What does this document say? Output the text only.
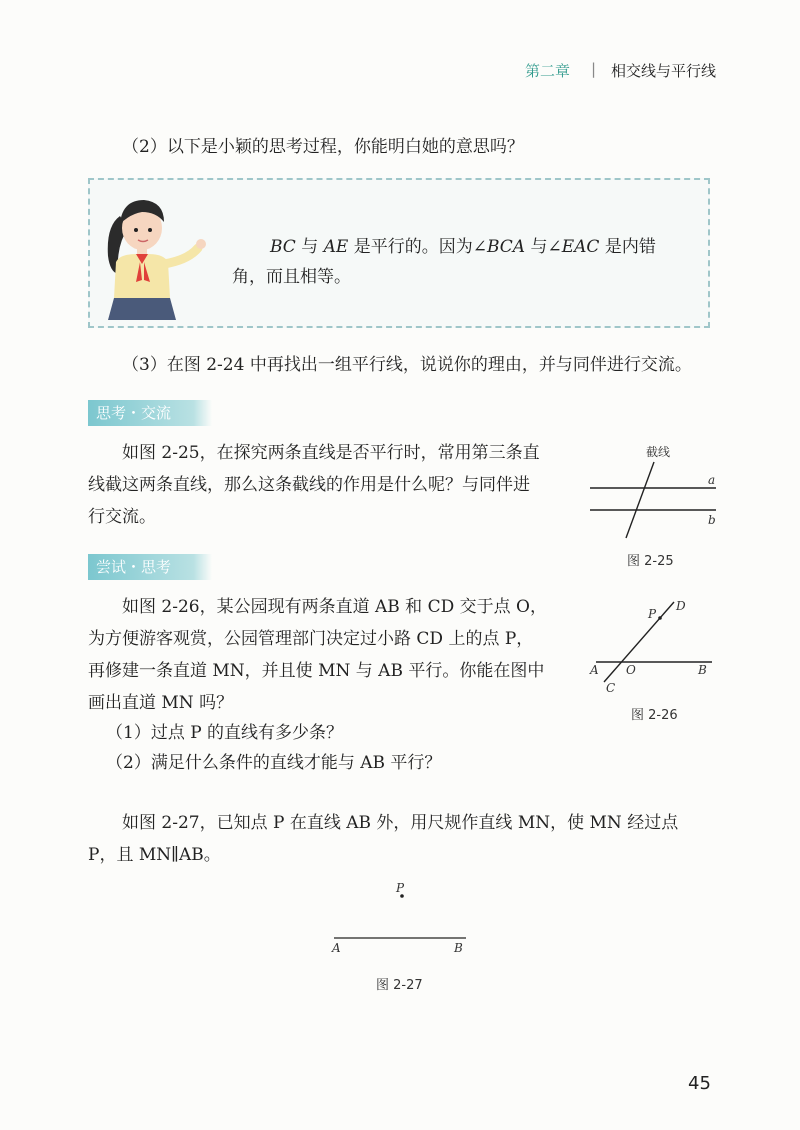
第二章 | 相交线与平行线
（2）以下是小颖的思考过程，你能明白她的意思吗？
BC 与 AE 是平行的。因为∠BCA 与∠EAC 是内错
角，而且相等。
（3）在图 2-24 中再找出一组平行线，说说你的理由，并与同伴进行交流。
思考・交流
如图 2-25，在探究两条直线是否平行时，常用第三条直
线截这两条直线，那么这条截线的作用是什么呢？与同伴进
行交流。
a
b
截线
图 2-25
尝试・思考
如图 2-26，某公园现有两条直道 AB 和 CD 交于点 O，
为方便游客观赏，公园管理部门决定过小路 CD 上的点 P，
再修建一条直道 MN，并且使 MN 与 AB 平行。你能在图中
画出直道 MN 吗？
（1）过点 P 的直线有多少条？
（2）满足什么条件的直线才能与 AB 平行？
P
D
A O	B
C
图 2-26
如图 2-27，已知点 P 在直线 AB 外，用尺规作直线 MN，使 MN 经过点
P，且 MN∥AB。
P
A	B
图 2-27
45
